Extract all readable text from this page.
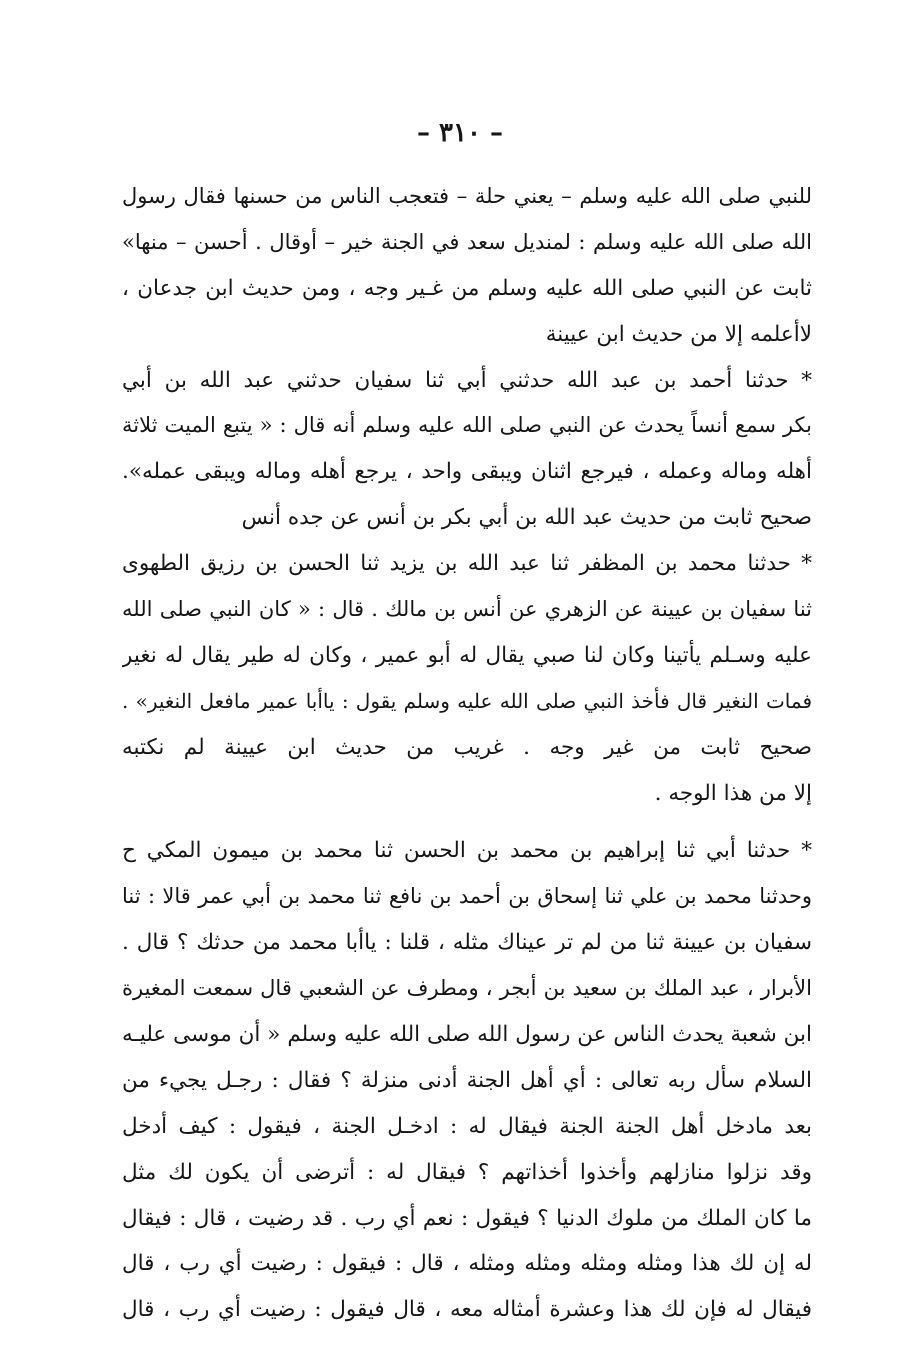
– ٣١٠ –
للنبي صلى الله عليه وسلم – يعني حلة – فتعجب الناس من حسنها فقال رسول
الله صلى الله عليه وسلم : لمنديل سعد في الجنة خير – أوقال . أحسن – منها»
ثابت عن النبي صلى الله عليه وسلم من غـير وجه ، ومن حديث ابن جدعان ،
لاأعلمه إلا من حديث ابن عيينة
* حدثنا أحمد بن عبد الله حدثني أبي ثنا سفيان حدثني عبد الله بن أبي
بكر سمع أنساً يحدث عن النبي صلى الله عليه وسلم أنه قال : « يتبع الميت ثلاثة
أهله وماله وعمله ، فيرجع اثنان ويبقى واحد ، يرجع أهله وماله ويبقى عمله».
صحيح ثابت من حديث عبد الله بن أبي بكر بن أنس عن جده أنس
* حدثنا محمد بن المظفر ثنا عبد الله بن يزيد ثنا الحسن بن رزيق الطهوى
ثنا سفيان بن عيينة عن الزهري عن أنس بن مالك . قال : « كان النبي صلى الله
عليه وسـلم يأتينا وكان لنا صبي يقال له أبو عمير ، وكان له طير يقال له نغير
فمات النغير قال فأخذ النبي صلى الله عليه وسلم يقول : ياأبا عمير مافعل النغير» .
صحيح ثابت من غير وجه . غريب من حديث ابن عيينة لم نكتبه
إلا من هذا الوجه .
* حدثنا أبي ثنا إبراهيم بن محمد بن الحسن ثنا محمد بن ميمون المكي ح
وحدثنا محمد بن علي ثنا إسحاق بن أحمد بن نافع ثنا محمد بن أبي عمر قالا : ثنا
سفيان بن عيينة ثنا من لم تر عيناك مثله ، قلنا : ياأبا محمد من حدثك ؟ قال .
الأبرار ، عبد الملك بن سعيد بن أبجر ، ومطرف عن الشعبي قال سمعت المغيرة
ابن شعبة يحدث الناس عن رسول الله صلى الله عليه وسلم « أن موسى عليـه
السلام سأل ربه تعالى : أي أهل الجنة أدنى منزلة ؟ فقال : رجـل يجيء من
بعد مادخل أهل الجنة الجنة فيقال له : ادخـل الجنة ، فيقول : كيف أدخل
وقد نزلوا منازلهم وأخذوا أخذاتهم ؟ فيقال له : أترضى أن يكون لك مثل
ما كان الملك من ملوك الدنيا ؟ فيقول : نعم أي رب . قد رضيت ، قال : فيقال
له إن لك هذا ومثله ومثله ومثله ومثله ، قال : فيقول : رضيت أي رب ، قال
فيقال له فإن لك هذا وعشرة أمثاله معه ، قال فيقول : رضيت أي رب ، قال
